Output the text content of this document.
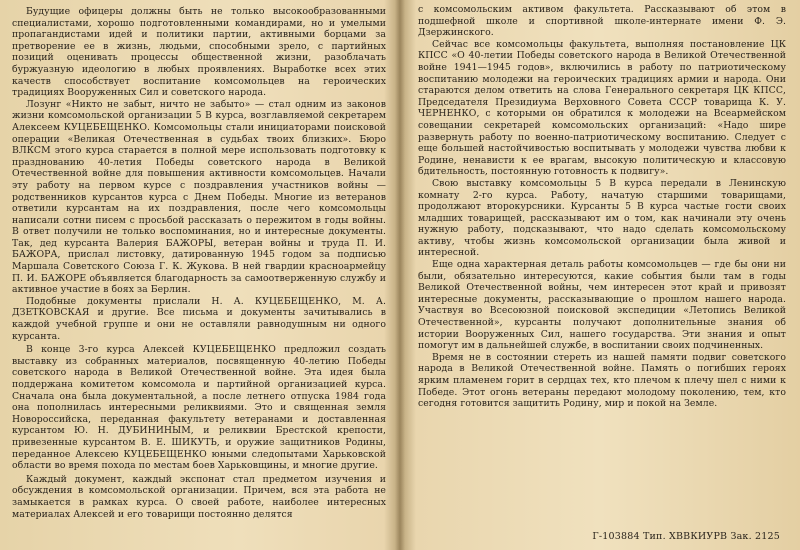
Будущие офицеры должны быть не только высокообразованными специалистами, хорошо подготовленными командирами, но и умелыми пропагандистами идей и политики партии, активными борцами за претворение ее в жизнь, людьми, способными зрело, с партийных позиций оценивать процессы общественной жизни, разоблачать буржуазную идеологию в любых проявлениях. Выработке всех этих качеств способствует воспитание комсомольцев на героических традициях Вооруженных Сил и советского народа.

Лозунг «Никто не забыт, ничто не забыто» — стал одним из законов жизни комсомольской организации 5 В курса, возглавляемой секретарем Алексеем КУЦЕБЕЩЕНКО. Комсомольцы стали инициаторами поисковой операции «Великая Отечественная в судьбах твоих близких». Бюро ВЛКСМ этого курса старается в полной мере использовать подготовку к празднованию 40-летия Победы советского народа в Великой Отечественной войне для повышения активности комсомольцев. Начали эту работу на первом курсе с поздравления участников войны — родственников курсантов курса с Днем Победы. Многие из ветеранов ответили курсантам на их поздравления, после чего комсомольцы написали сотни писем с просьбой рассказать о пережитом в годы войны. В ответ получили не только воспоминания, но и интересные документы. Так, дед курсанта Валерия БАЖОРЫ, ветеран войны и труда П. И. БАЖОРА, прислал листовку, датированную 1945 годом за подписью Маршала Советского Союза Г. К. Жукова. В ней гвардии красноармейцу П. И. БАЖОРЕ объявляется благодарность за самоотверженную службу и активное участие в боях за Берлин.

Подобные документы прислали Н. А. КУЦЕБЕЩЕНКО, М. А. ДЗЕТКОВСКАЯ и другие. Все письма и документы зачитывались в каждой учебной группе и они не оставляли равнодушным ни одного курсанта.

В конце 3-го курса Алексей КУЦЕБЕЩЕНКО предложил создать выставку из собранных материалов, посвященную 40-летию Победы советского народа в Великой Отечественной войне. Эта идея была поддержана комитетом комсомола и партийной организацией курса. Сначала она была документальной, а после летнего отпуска 1984 года она пополнилась интересными реликвиями. Это и священная земля Новороссийска, переданная факультету ветеранами и доставленная курсантом Ю. Н. ДУБИНИНЫМ, и реликвии Брестской крепости, привезенные курсантом В. Е. ШИКУТЬ, и оружие защитников Родины, переданное Алексею КУЦЕБЕЩЕНКО юными следопытами Харьковской области во время похода по местам боев Харьковщины, и многие другие.

Каждый документ, каждый экспонат стал предметом изучения и обсуждения в комсомольской организации. Причем, вся эта работа не замыкается в рамках курса. О своей работе, наиболее интересных материалах Алексей и его товарищи постоянно делятся

с комсомольским активом факультета. Рассказывают об этом в подшефной школе и спортивной школе-интернате имени Ф. Э. Дзержинского.

Сейчас все комсомольцы факультета, выполняя постановление ЦК КПСС «О 40-летии Победы советского народа в Великой Отечественной войне 1941—1945 годов», включились в работу по патриотическому воспитанию молодежи на героических традициях армии и народа. Они стараются делом ответить на слова Генерального секретаря ЦК КПСС, Председателя Президиума Верховного Совета СССР товарища К. У. ЧЕРНЕНКО, с которыми он обратился к молодежи на Всеармейском совещании секретарей комсомольских организаций: «Надо шире развернуть работу по военно-патриотическому воспитанию. Следует с еще большей настойчивостью воспитывать у молодежи чувства любви к Родине, ненависти к ее врагам, высокую политическую и классовую бдительность, постоянную готовность к подвигу».

Свою выставку комсомольцы 5 В курса передали в Ленинскую комнату 2-го курса. Работу, начатую старшими товарищами, продолжают второкурсники. Курсанты 5 В курса частые гости своих младших товарищей, рассказывают им о том, как начинали эту очень нужную работу, подсказывают, что надо сделать комсомольскому активу, чтобы жизнь комсомольской организации была живой и интересной.

Еще одна характерная деталь работы комсомольцев — где бы они ни были, обязательно интересуются, какие события были там в годы Великой Отечественной войны, чем интересен этот край и привозят интересные документы, рассказывающие о прошлом нашего народа. Участвуя во Всесоюзной поисковой экспедиции «Летопись Великой Отечественной», курсанты получают дополнительные знания об истории Вооруженных Сил, нашего государства. Эти знания и опыт помогут им в дальнейшей службе, в воспитании своих подчиненных.

Время не в состоянии стереть из нашей памяти подвиг советского народа в Великой Отечественной войне. Память о погибших героях ярким пламенем горит в сердцах тех, кто плечом к плечу шел с ними к Победе. Этот огонь ветераны передают молодому поколению, тем, кто сегодня готовится защитить Родину, мир и покой на Земле.

Г-103884 Тип. ХВВКИУРВ Зак. 2125
